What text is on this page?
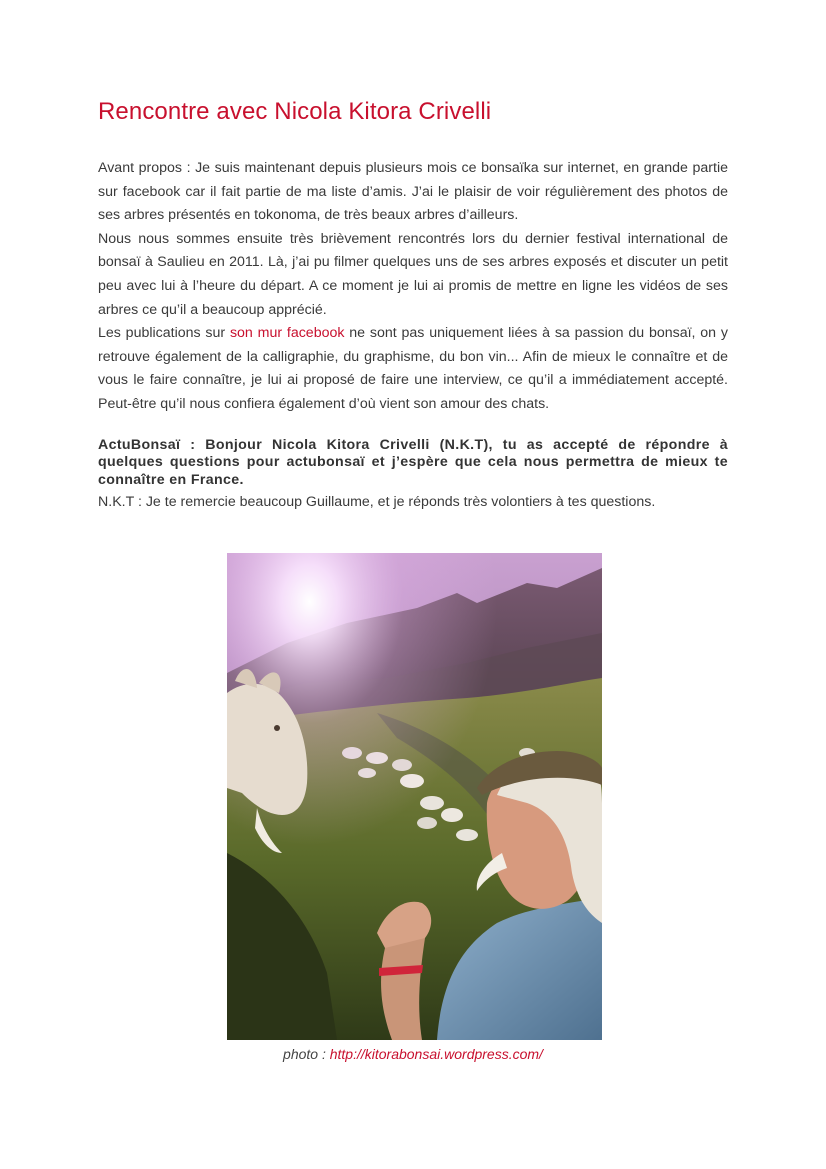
Rencontre avec Nicola Kitora Crivelli

Avant propos : Je suis maintenant depuis plusieurs mois ce bonsaïka sur internet, en grande partie sur facebook car il fait partie de ma liste d’amis. J’ai le plaisir de voir régulièrement des photos de ses arbres présentés en tokonoma, de très beaux arbres d’ailleurs.

Nous nous sommes ensuite très brièvement rencontrés lors du dernier festival international de bonsaï à Saulieu en 2011. Là, j’ai pu filmer quelques uns de ses arbres exposés et discuter un petit peu avec lui à l’heure du départ. A ce moment je lui ai promis de mettre en ligne les vidéos de ses arbres ce qu’il a beaucoup apprécié.

Les publications sur son mur facebook ne sont pas uniquement liées à sa passion du bonsaï, on y retrouve également de la calligraphie, du graphisme, du bon vin... Afin de mieux le connaître et de vous le faire connaître, je lui ai proposé de faire une interview, ce qu’il a immédiatement accepté. Peut-être qu’il nous confiera également d’où vient son amour des chats.

ActuBonsaï : Bonjour Nicola Kitora Crivelli (N.K.T), tu as accepté de répondre à quelques questions pour actubonsaï et j’espère que cela nous permettra de mieux te connaître en France.

N.K.T : Je te remercie beaucoup Guillaume, et je réponds très volontiers à tes questions.

photo : http://kitorabonsai.wordpress.com/
